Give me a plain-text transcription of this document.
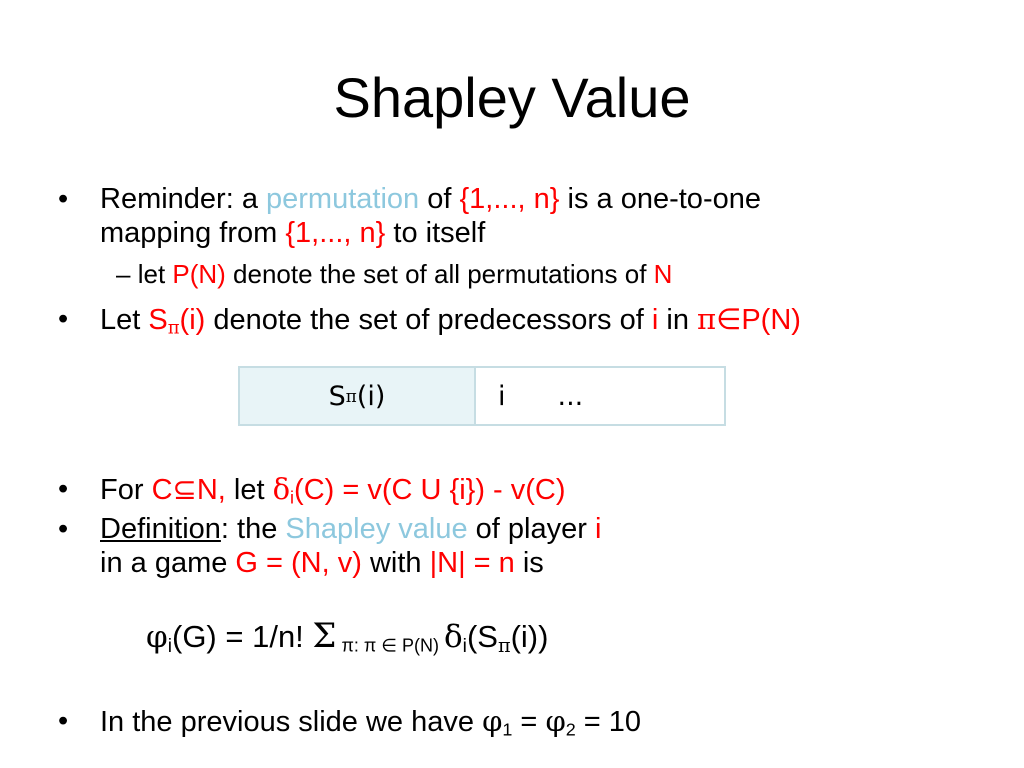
Shapley Value
• Reminder: a permutation of {1,..., n} is a one-to-one
mapping from {1,..., n} to itself
– let P(N) denote the set of all permutations of N
• Let $S_\pi(i)$ denote the set of predecessors of i in π∈P(N)
S π (i)	i ...
• For C⊆N, let $\delta_i(C) = v(C$ U {i}) - v(C)
• Definition: the Shapley value of player i
in a game G = (N, v) with |N| = n is
$\varphi_i(G) = 1/n$! Σ $_{\pi: \pi \in P(N)}$ $\delta_i(S_\pi(i))$
• In the previous slide we have $\varphi_1 = \varphi_2 = 10$
